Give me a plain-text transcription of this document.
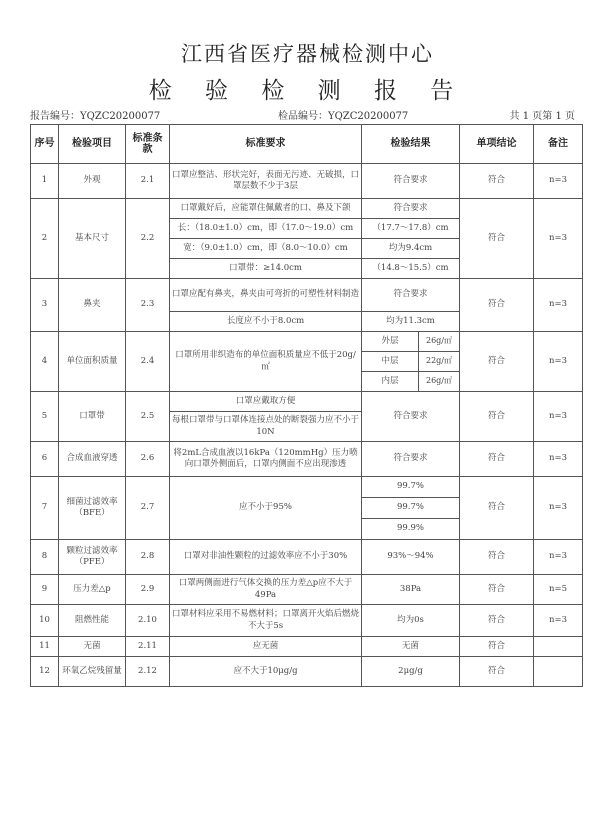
江西省医疗器械检测中心
检 验 检 测 报 告
报告编号：YQZC20200077	检品编号：YQZC20200077	共 1 页第 1 页
序号	检验项目	标准条款	标准要求	检验结果		单项结论	备注
1	外观	2.1	口罩应整洁、形状完好，表面无污迹、无破损，口罩层数不少于3层	符合要求		符合	n=3
2	基本尺寸	2.2	口罩戴好后，应能罩住佩戴者的口、鼻及下颌	符合要求		符合	n=3
			长：（18.0±1.0）cm，即（17.0～19.0）cm	（17.7～17.8）cm			
			宽：（9.0±1.0）cm，即（8.0～10.0）cm	均为9.4cm			
			口罩带：≥14.0cm	（14.8～15.5）cm			
3	鼻夹	2.3	口罩应配有鼻夹，鼻夹由可弯折的可塑性材料制造	符合要求		符合	n=3
			长度应不小于8.0cm	均为11.3cm			
4	单位面积质量	2.4	口罩所用非织造布的单位面积质量应不低于20g/㎡	外层	26g/㎡	符合	n=3
				中层	22g/㎡		
				内层	26g/㎡		
5	口罩带	2.5	口罩应戴取方便	符合要求		符合	n=3
			每根口罩带与口罩体连接点处的断裂强力应不小于10N				
6	合成血液穿透	2.6	将2mL合成血液以16kPa（120mmHg）压力喷向口罩外侧面后，口罩内侧面不应出现渗透	符合要求		符合	n=3
7	细菌过滤效率（BFE）	2.7	应不小于95%	99.7%		符合	n=3
				99.7%			
				99.9%			
8	颗粒过滤效率（PFE）	2.8	口罩对非油性颗粒的过滤效率应不小于30%	93%～94%		符合	n=3
9	压力差△p	2.9	口罩两侧面进行气体交换的压力差△p应不大于49Pa	38Pa		符合	n=5
10	阻燃性能	2.10	口罩材料应采用不易燃材料；口罩离开火焰后燃烧不大于5s	均为0s		符合	n=3
11	无菌	2.11	应无菌	无菌		符合	
12	环氧乙烷残留量	2.12	应不大于10μg/g	2μg/g		符合	
